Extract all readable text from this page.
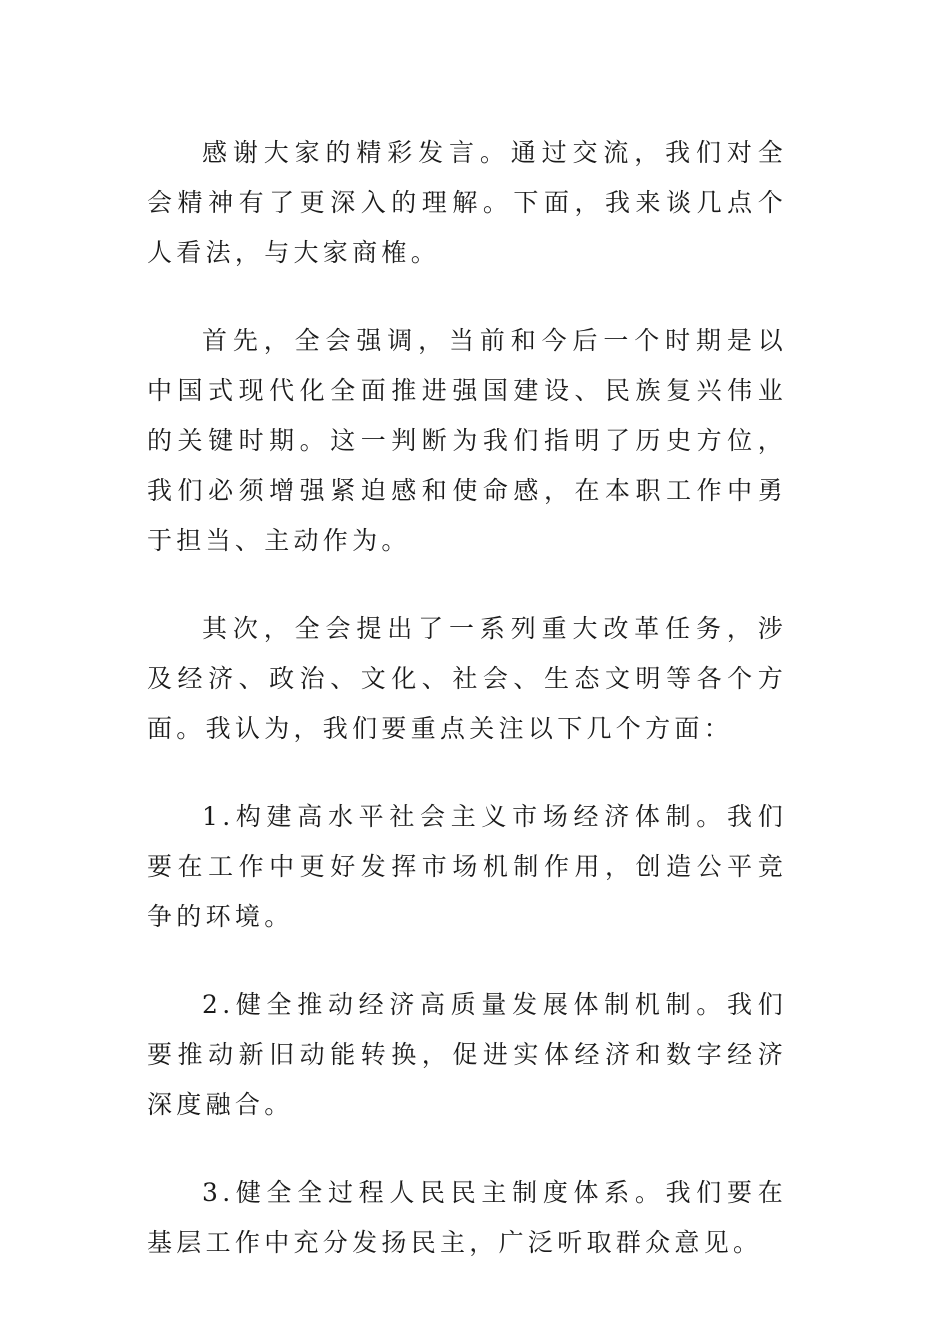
感谢大家的精彩发言。通过交流，我们对全会精神有了更深入的理解。下面，我来谈几点个人看法，与大家商榷。

首先，全会强调，当前和今后一个时期是以中国式现代化全面推进强国建设、民族复兴伟业的关键时期。这一判断为我们指明了历史方位，我们必须增强紧迫感和使命感，在本职工作中勇于担当、主动作为。

其次，全会提出了一系列重大改革任务，涉及经济、政治、文化、社会、生态文明等各个方面。我认为，我们要重点关注以下几个方面：

1.构建高水平社会主义市场经济体制。我们要在工作中更好发挥市场机制作用，创造公平竞争的环境。

2.健全推动经济高质量发展体制机制。我们要推动新旧动能转换，促进实体经济和数字经济深度融合。

3.健全全过程人民民主制度体系。我们要在基层工作中充分发扬民主，广泛听取群众意见。
